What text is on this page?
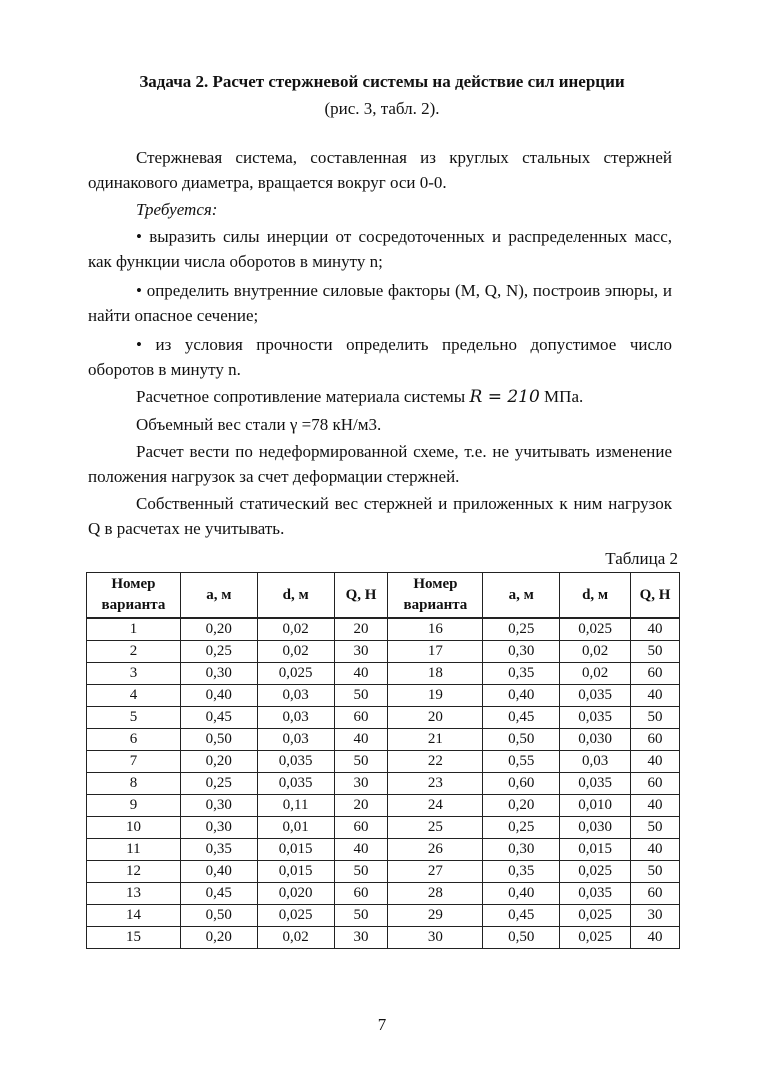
Задача 2. Расчет стержневой системы на действие сил инерции
(рис. 3, табл. 2).

Стержневая система, составленная из круглых стальных стержней одинакового диаметра, вращается вокруг оси 0-0.

Требуется:

• выразить силы инерции от сосредоточенных и распределенных масс, как функции числа оборотов в минуту n;

• определить внутренние силовые факторы (M, Q, N), построив эпюры, и найти опасное сечение;

• из условия прочности определить предельно допустимое число оборотов в минуту n.

Расчетное сопротивление материала системы R = 210 МПа.

Объемный вес стали γ =78 кН/м3.

Расчет вести по недеформированной схеме, т.е. не учитывать изменение положения нагрузок за счет деформации стержней.

Собственный статический вес стержней и приложенных к ним нагрузок Q в расчетах не учитывать.

Таблица 2
Номер варианта	a, м	d, м	Q, Н	Номер варианта	a, м	d, м	Q, Н
1	0,20	0,02	20	16	0,25	0,025	40
2	0,25	0,02	30	17	0,30	0,02	50
3	0,30	0,025	40	18	0,35	0,02	60
4	0,40	0,03	50	19	0,40	0,035	40
5	0,45	0,03	60	20	0,45	0,035	50
6	0,50	0,03	40	21	0,50	0,030	60
7	0,20	0,035	50	22	0,55	0,03	40
8	0,25	0,035	30	23	0,60	0,035	60
9	0,30	0,11	20	24	0,20	0,010	40
10	0,30	0,01	60	25	0,25	0,030	50
11	0,35	0,015	40	26	0,30	0,015	40
12	0,40	0,015	50	27	0,35	0,025	50
13	0,45	0,020	60	28	0,40	0,035	60
14	0,50	0,025	50	29	0,45	0,025	30
15	0,20	0,02	30	30	0,50	0,025	40
7
